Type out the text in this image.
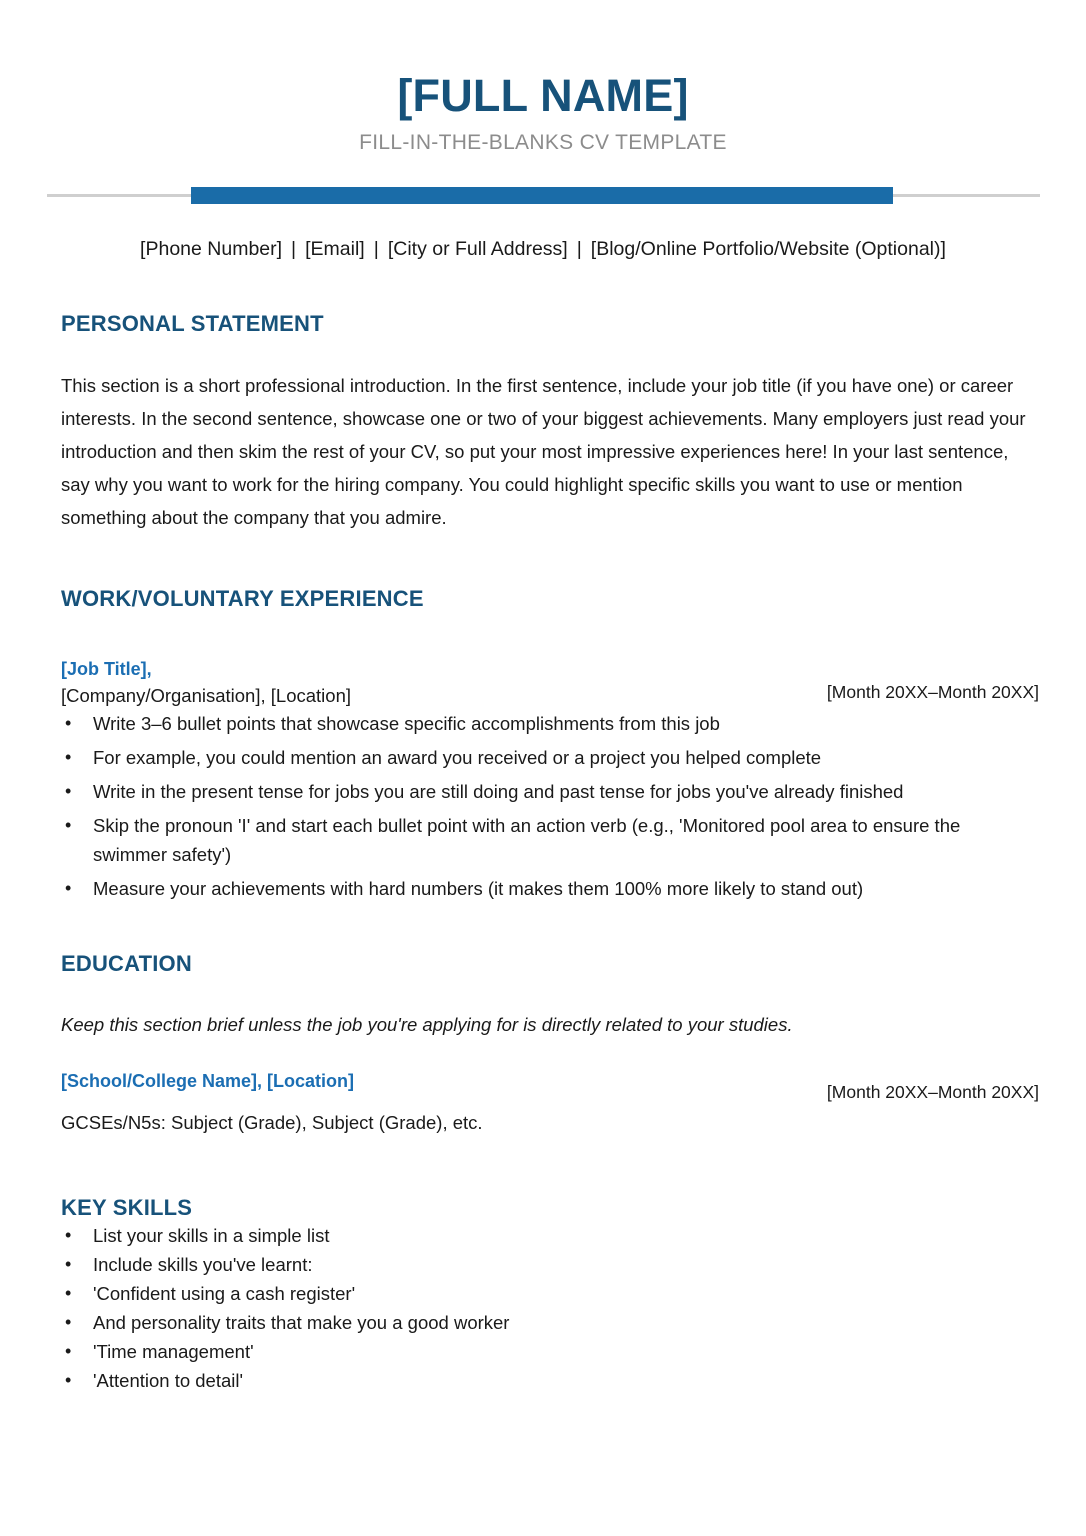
[FULL NAME]
FILL-IN-THE-BLANKS CV TEMPLATE
[Phone Number] | [Email] | [City or Full Address] | [Blog/Online Portfolio/Website (Optional)]
PERSONAL STATEMENT

This section is a short professional introduction. In the first sentence, include your job title (if you have one) or career interests. In the second sentence, showcase one or two of your biggest achievements. Many employers just read your introduction and then skim the rest of your CV, so put your most impressive experiences here! In your last sentence, say why you want to work for the hiring company. You could highlight specific skills you want to use or mention something about the company that you admire.

WORK/VOLUNTARY EXPERIENCE
[Job Title],
[Company/Organisation], [Location]	[Month 20XX–Month 20XX]
• Write 3–6 bullet points that showcase specific accomplishments from this job
• For example, you could mention an award you received or a project you helped complete
• Write in the present tense for jobs you are still doing and past tense for jobs you've already finished
• Skip the pronoun 'I' and start each bullet point with an action verb (e.g., 'Monitored pool area to ensure the swimmer safety')
• Measure your achievements with hard numbers (it makes them 100% more likely to stand out)
EDUCATION

Keep this section brief unless the job you're applying for is directly related to your studies.

[School/College Name], [Location]
[Month 20XX–Month 20XX]

GCSEs/N5s: Subject (Grade), Subject (Grade), etc.

KEY SKILLS
• List your skills in a simple list
• Include skills you've learnt:
• 'Confident using a cash register'
• And personality traits that make you a good worker
• 'Time management'
• 'Attention to detail'
